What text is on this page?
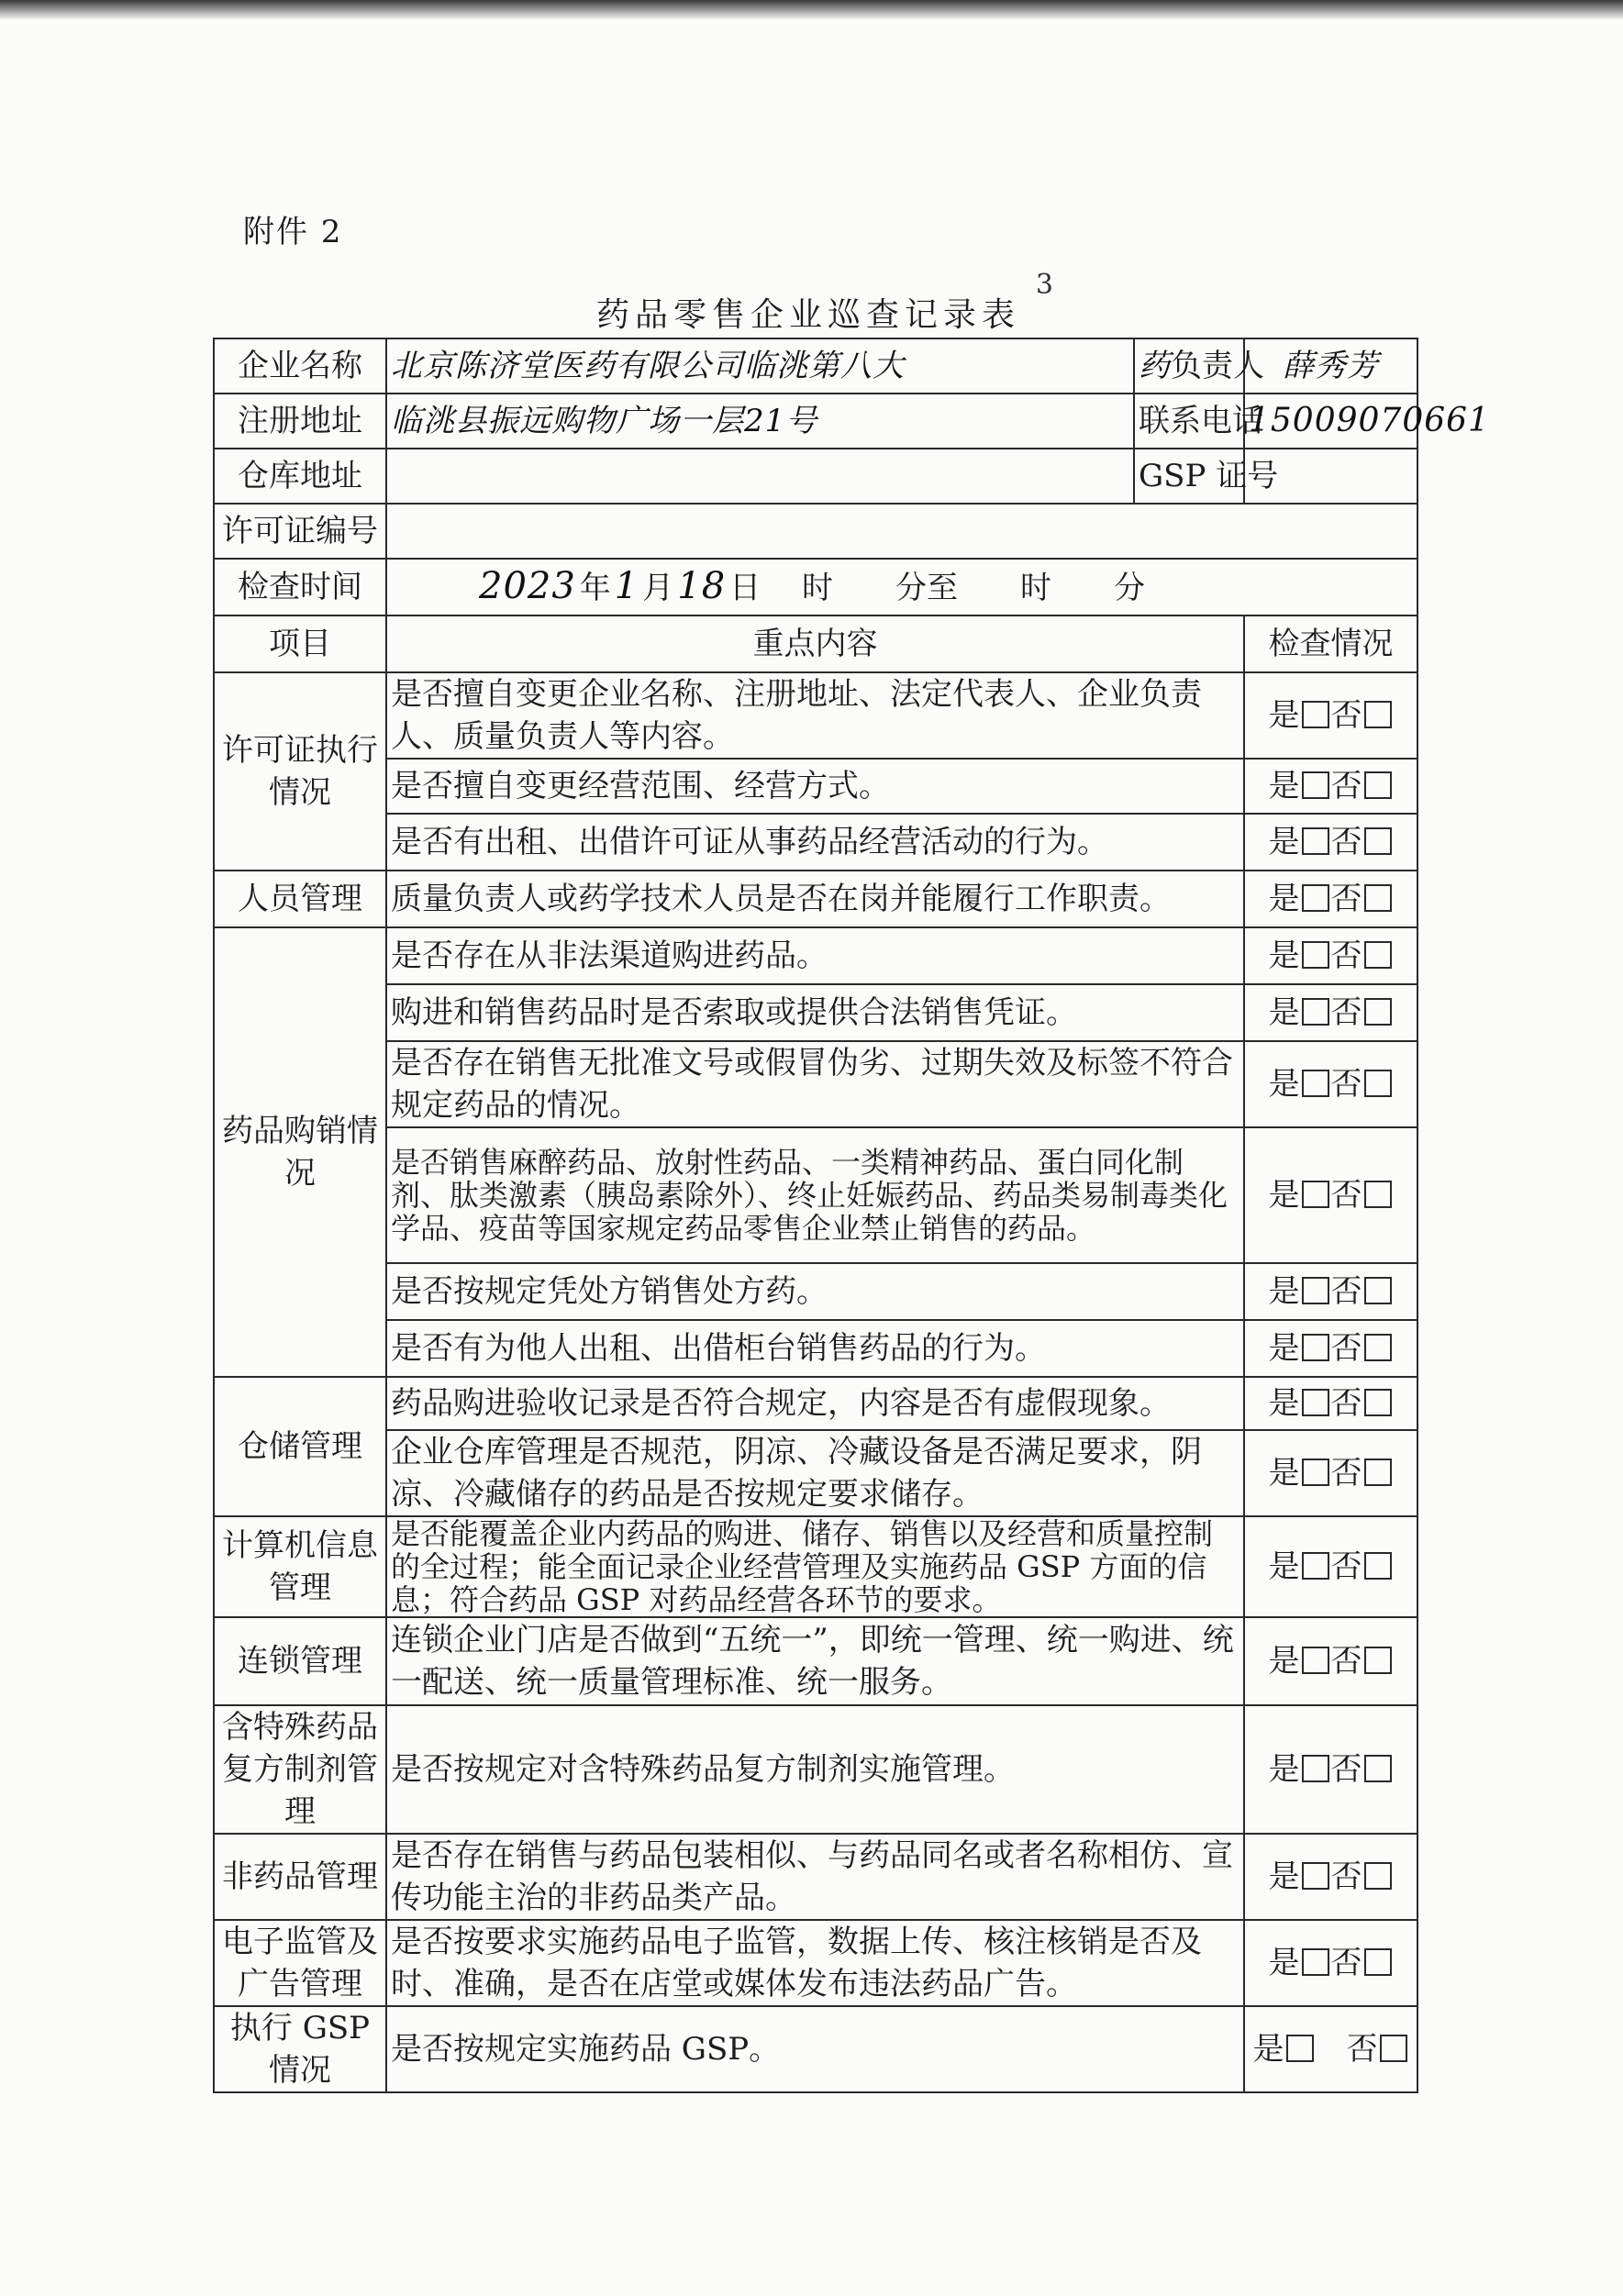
附件 2
药品零售企业巡查记录表
3
企业名称	北京陈济堂医药有限公司临洮第八大	药负责人	薛秀芳
注册地址	临洮县振远购物广场一层21号	联系电话	15009070661
仓库地址		GSP 证号	
许可证编号			
检查时间	2023 年 1 月 18 日 时　　分至　　时　　分		
项目	重点内容		检查情况
许可证执行情况	是否擅自变更企业名称、注册地址、法定代表人、企业负责人、质量负责人等内容。		是 否
	是否擅自变更经营范围、经营方式。		是 否
	是否有出租、出借许可证从事药品经营活动的行为。		是 否
人员管理	质量负责人或药学技术人员是否在岗并能履行工作职责。		是 否
药品购销情况	是否存在从非法渠道购进药品。		是 否
	购进和销售药品时是否索取或提供合法销售凭证。		是 否
	是否存在销售无批准文号或假冒伪劣、过期失效及标签不符合规定药品的情况。		是 否
	是否销售麻醉药品、放射性药品、一类精神药品、蛋白同化制剂、肽类激素（胰岛素除外）、终止妊娠药品、药品类易制毒类化学品、疫苗等国家规定药品零售企业禁止销售的药品。		是 否
	是否按规定凭处方销售处方药。		是 否
	是否有为他人出租、出借柜台销售药品的行为。		是 否
仓储管理	药品购进验收记录是否符合规定，内容是否有虚假现象。		是 否
	企业仓库管理是否规范，阴凉、冷藏设备是否满足要求，阴凉、冷藏储存的药品是否按规定要求储存。		是 否
计算机信息管理	是否能覆盖企业内药品的购进、储存、销售以及经营和质量控制的全过程；能全面记录企业经营管理及实施药品 GSP 方面的信息；符合药品 GSP 对药品经营各环节的要求。		是 否
连锁管理	连锁企业门店是否做到“五统一”，即统一管理、统一购进、统一配送、统一质量管理标准、统一服务。		是 否
含特殊药品复方制剂管理	是否按规定对含特殊药品复方制剂实施管理。		是 否
非药品管理	是否存在销售与药品包装相似、与药品同名或者名称相仿、宣传功能主治的非药品类产品。		是 否
电子监管及广告管理	是否按要求实施药品电子监管，数据上传、核注核销是否及时、准确，是否在店堂或媒体发布违法药品广告。		是 否
执行 GSP 情况	是否按规定实施药品 GSP。		是  否
